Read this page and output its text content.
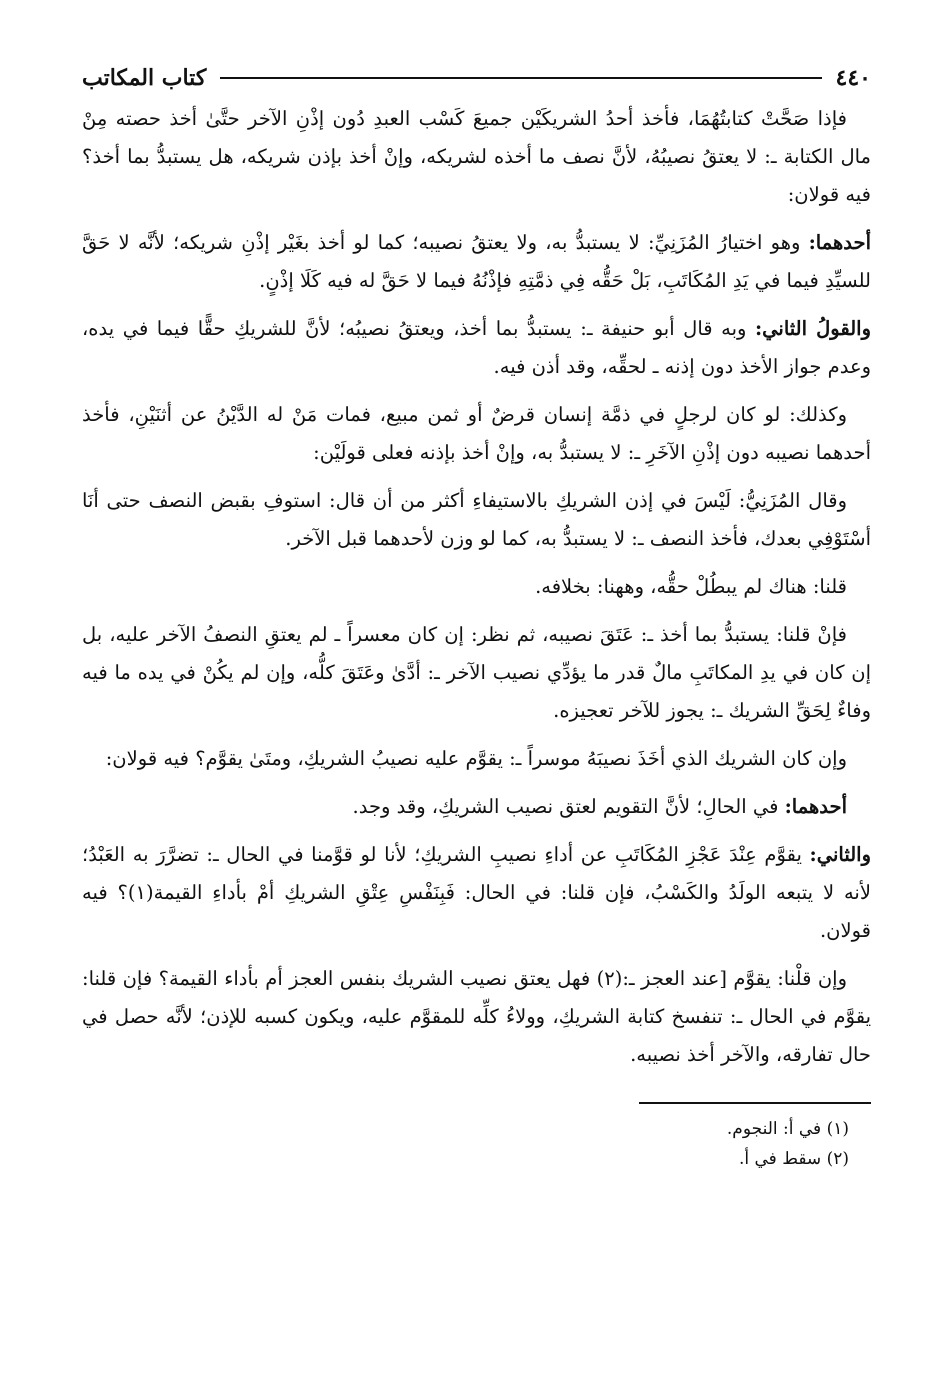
٤٤٠
كتاب المكاتب

فإذا صَحَّتْ كتابتُهُمَا، فأخذ أحدُ الشريكَيْن جميعَ كَسْب العبدِ دُون إذْنِ الآخر حتَّىٰ أخذ حصته مِنْ مال الكتابة ـ: لا يعتقُ نصيبُهُ، لأنَّ نصف ما أخذه لشريكه، وإنْ أخذ بإذن شريكه، هل يستبدُّ بما أخذ؟ فيه قولان:

أحدهما: وهو اختيارُ المُزَنِيِّ: لا يستبدُّ به، ولا يعتقُ نصيبه؛ كما لو أخذ بغَيْر إذْنِ شريكه؛ لأنَّه لا حَقَّ للسيِّدِ فيما في يَدِ المُكَاتَبِ، بَلْ حَقُّه فِي ذمَّتِهِ فإذْنُهُ فيما لا حَقَّ له فيه كَلَا إذْنٍ.

والقولُ الثاني: وبه قال أبو حنيفة ـ: يستبدُّ بما أخذ، ويعتقُ نصيبُه؛ لأنَّ للشريكِ حقًّا فيما في يده، وعدم جواز الأخذ دون إذنه ـ لحقِّه، وقد أذن فيه.

وكذلك: لو كان لرجلٍ في ذمَّة إنسان قرضٌ أو ثمن مبيع، فمات مَنْ له الدَّيْنُ عن أثنَيْنِ، فأخذ أحدهما نصيبه دون إذْنِ الآخَرِ ـ: لا يستبدُّ به، وإنْ أخذ بإذنه فعلى قولَيْن:

وقال المُزَنِيُّ: لَيْسَ في إذن الشريكِ بالاستيفاءِ أكثر من أن قال: استوفِ بقبض النصف حتى أنَا أسْتَوْفِي بعدك، فأخذ النصف ـ: لا يستبدُّ به، كما لو وزن لأحدهما قبل الآخر.

قلنا: هناك لم يبطُلْ حقُّه، وههنا: بخلافه.

فإنْ قلنا: يستبدُّ بما أخذ ـ: عَتَقَ نصيبه، ثم نظر: إن كان معسراً ـ لم يعتقِ النصفُ الآخر عليه، بل إن كان في يدِ المكاتَبِ مالٌ قدر ما يؤدِّي نصيب الآخر ـ: أدَّىٰ وعَتَقَ كلُّه، وإن لم يكُنْ في يده ما فيه وفاءٌ لِحَقِّ الشريك ـ: يجوز للآخر تعجيزه.

وإن كان الشريك الذي أخَذَ نصيبَهُ موسراً ـ: يقوَّم عليه نصيبُ الشريكِ، ومتَىٰ يقوَّم؟ فيه قولان:

أحدهما: في الحالِ؛ لأنَّ التقويم لعتق نصيب الشريكِ، وقد وجد.

والثاني: يقوَّم عِنْدَ عَجْزِ المُكَاتَبِ عن أداءِ نصيبِ الشريكِ؛ لأنا لو قوَّمنا في الحال ـ: تضرَّرَ به العَبْدُ؛ لأنه لا يتبعه الولَدُ والكَسْبُ، فإن قلنا: في الحال: فَبِنَفْسِ عِتْقِ الشريكِ أمْ بأداءِ القيمة(١)؟ فيه قولان.

وإن قلْنا: يقوَّم [عند العجز ـ:(٢) فهل يعتق نصيب الشريك بنفس العجز أم بأداء القيمة؟ فإن قلنا: يقوَّم في الحال ـ: تنفسخ كتابة الشريكِ، وولاءُ كلِّه للمقوَّم عليه، ويكون كسبه للإذن؛ لأنَّه حصل في حال تفارقه، والآخر أخذ نصيبه.

(١) في أ: النجوم.
(٢) سقط في أ.
